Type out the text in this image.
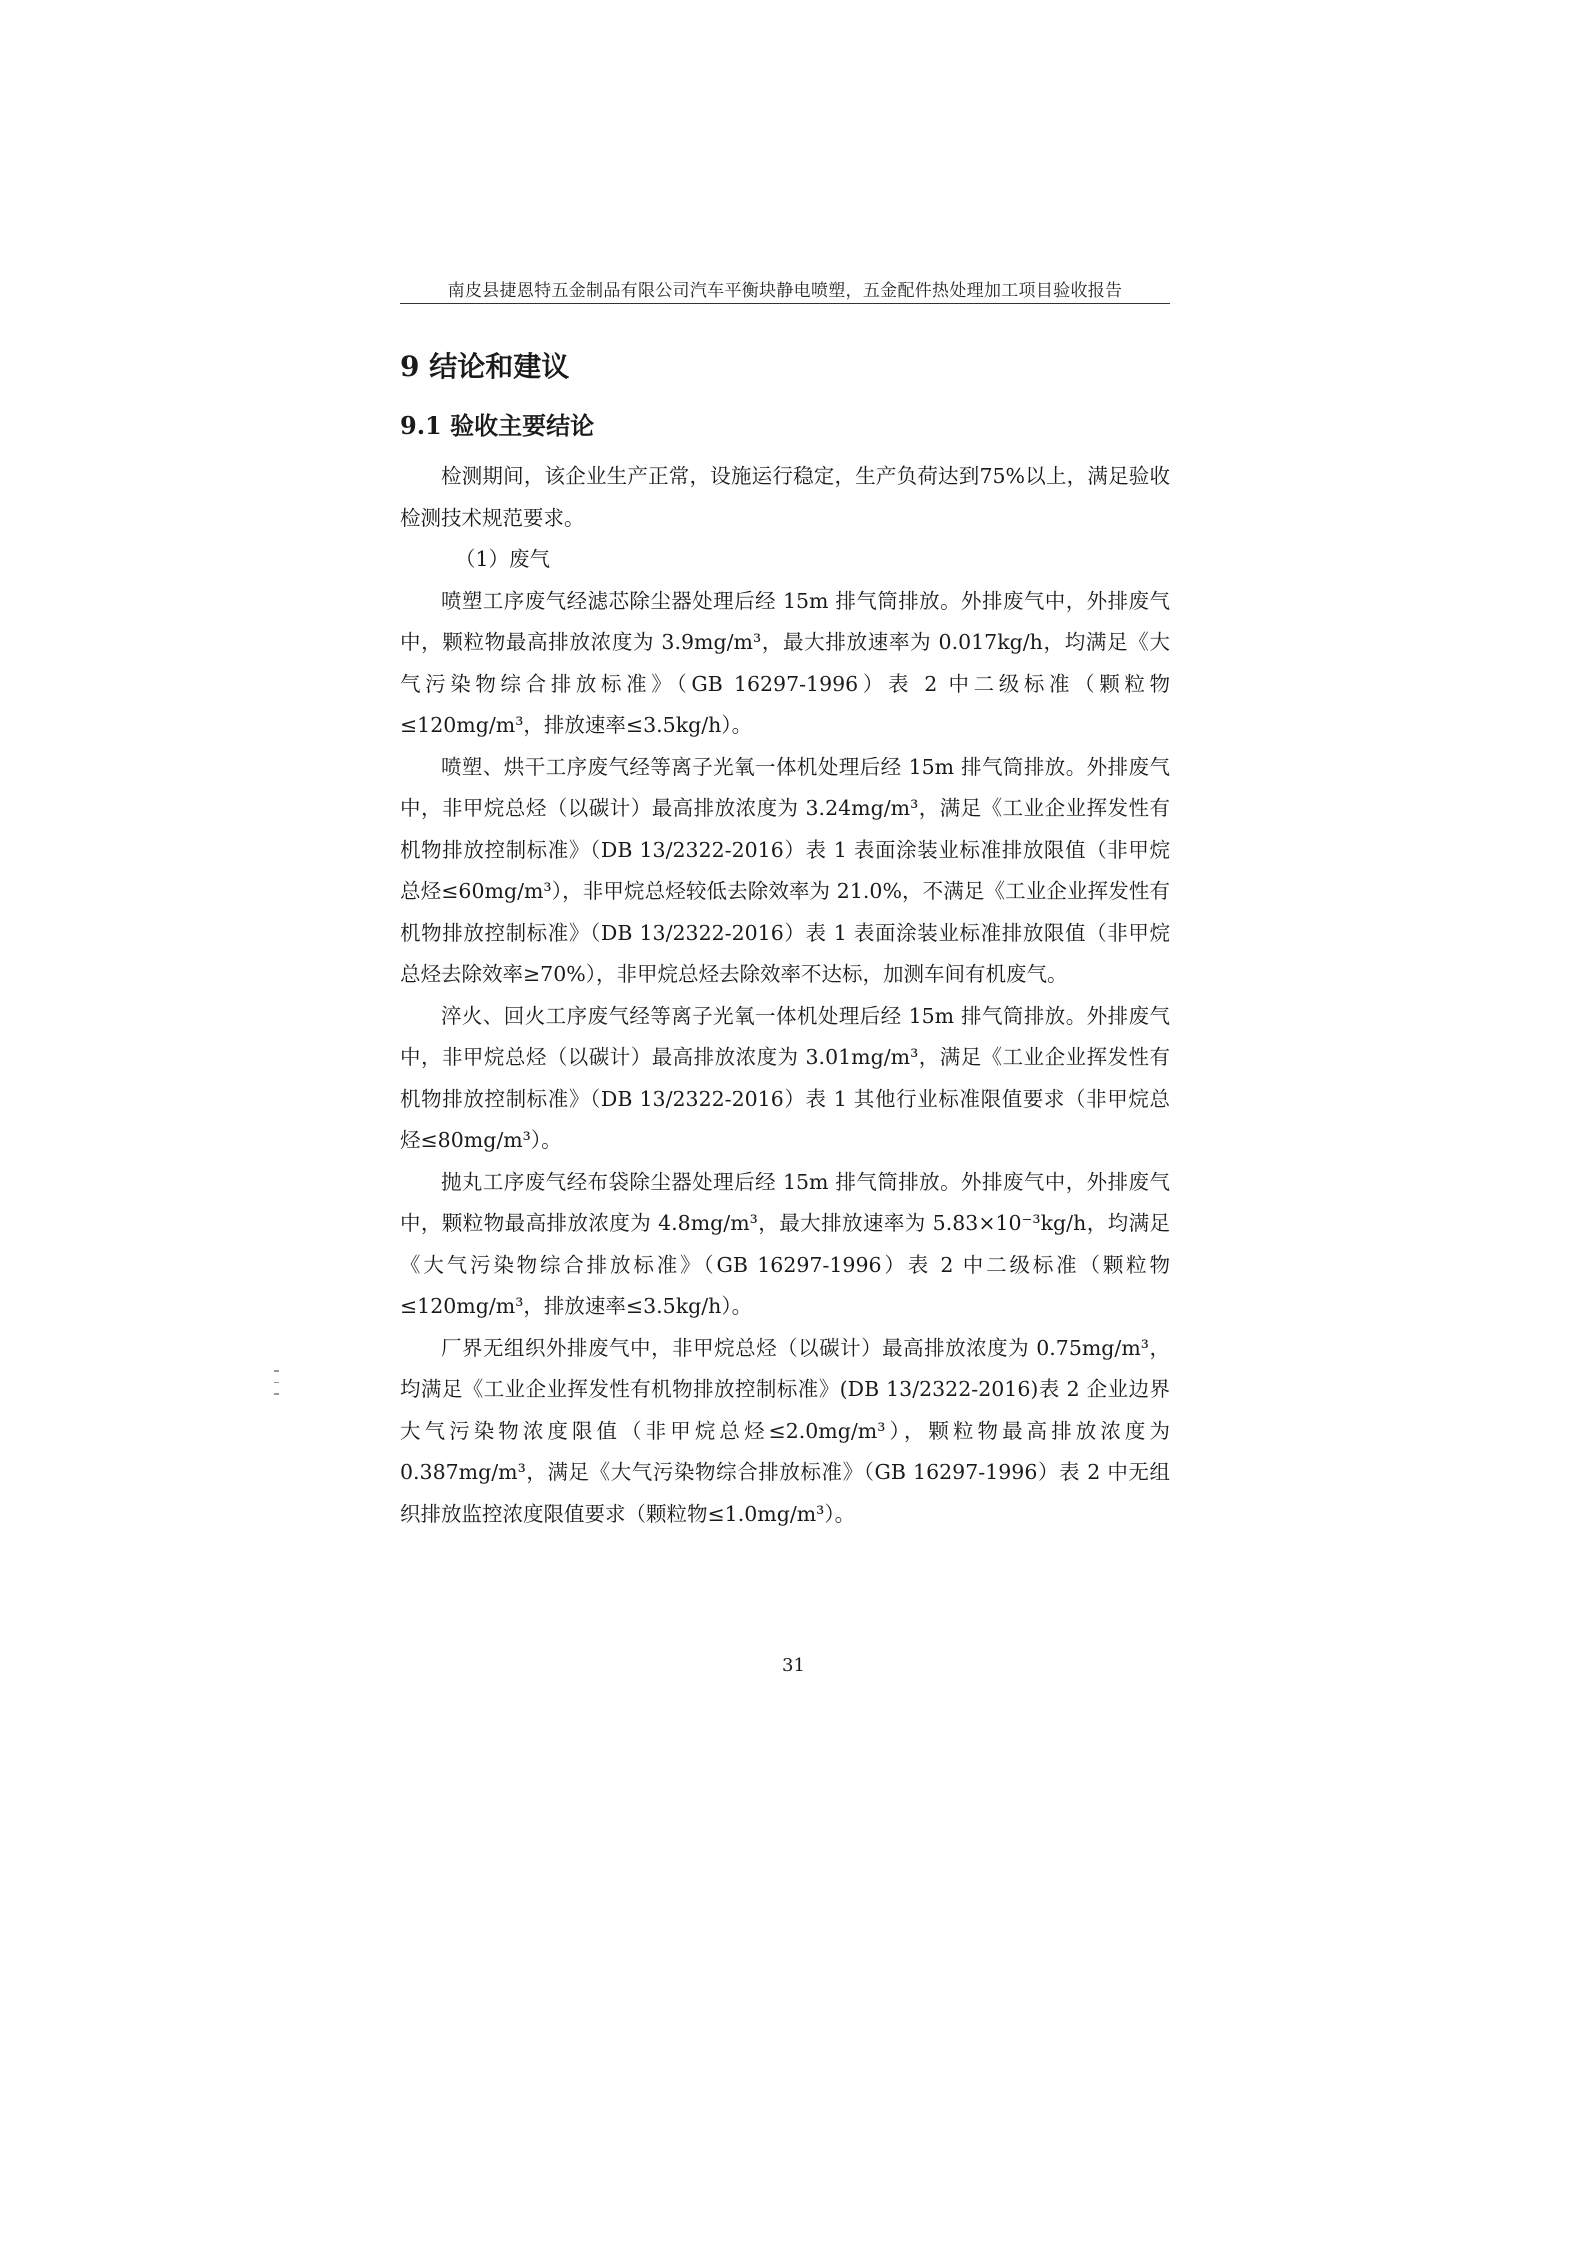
南皮县捷恩特五金制品有限公司汽车平衡块静电喷塑，五金配件热处理加工项目验收报告
9 结论和建议
9.1 验收主要结论

检测期间，该企业生产正常，设施运行稳定，生产负荷达到75%以上，满足验收检测技术规范要求。

（1）废气

喷塑工序废气经滤芯除尘器处理后经 15m 排气筒排放。外排废气中，外排废气中，颗粒物最高排放浓度为 3.9mg/m³，最大排放速率为 0.017kg/h，均满足《大气污染物综合排放标准》（GB 16297-1996）表 2 中二级标准（颗粒物≤120mg/m³，排放速率≤3.5kg/h）。

喷塑、烘干工序废气经等离子光氧一体机处理后经 15m 排气筒排放。外排废气中，非甲烷总烃（以碳计）最高排放浓度为 3.24mg/m³，满足《工业企业挥发性有机物排放控制标准》（DB 13/2322-2016）表 1 表面涂装业标准排放限值（非甲烷总烃≤60mg/m³），非甲烷总烃较低去除效率为 21.0%，不满足《工业企业挥发性有机物排放控制标准》（DB 13/2322-2016）表 1 表面涂装业标准排放限值（非甲烷总烃去除效率≥70%），非甲烷总烃去除效率不达标，加测车间有机废气。

淬火、回火工序废气经等离子光氧一体机处理后经 15m 排气筒排放。外排废气中，非甲烷总烃（以碳计）最高排放浓度为 3.01mg/m³，满足《工业企业挥发性有机物排放控制标准》（DB 13/2322-2016）表 1 其他行业标准限值要求（非甲烷总烃≤80mg/m³）。

抛丸工序废气经布袋除尘器处理后经 15m 排气筒排放。外排废气中，外排废气中，颗粒物最高排放浓度为 4.8mg/m³，最大排放速率为 5.83×10⁻³kg/h，均满足《大气污染物综合排放标准》（GB 16297-1996）表 2 中二级标准（颗粒物≤120mg/m³，排放速率≤3.5kg/h）。

厂界无组织外排废气中，非甲烷总烃（以碳计）最高排放浓度为 0.75mg/m³，均满足《工业企业挥发性有机物排放控制标准》(DB 13/2322-2016)表 2 企业边界大气污染物浓度限值（非甲烷总烃≤2.0mg/m³），颗粒物最高排放浓度为 0.387mg/m³，满足《大气污染物综合排放标准》（GB 16297-1996）表 2 中无组织排放监控浓度限值要求（颗粒物≤1.0mg/m³）。

31
